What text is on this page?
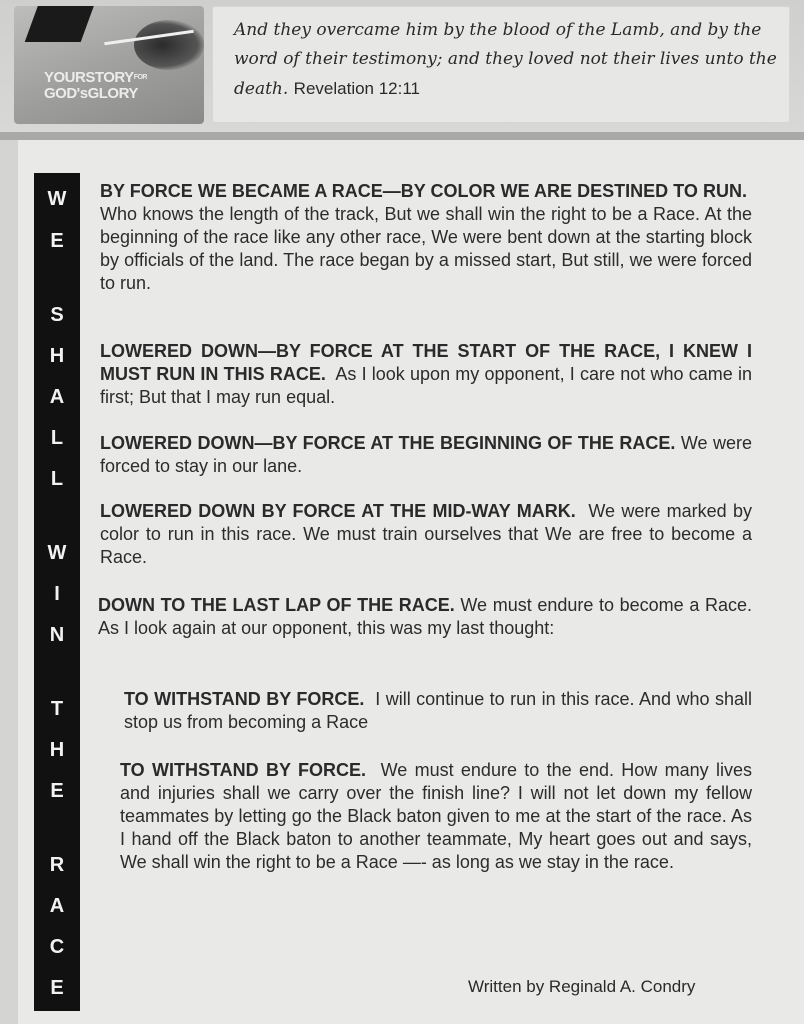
$YOURSTORY^{FOR}$
GOD'sGLORY
And they overcame him by the blood of the Lamb, and by the word of their testimony; and they loved not their lives unto the death. Revelation 12:11
W
E
S
H
A
L
L
W
I
N
T
H
E
R
A
C
E
BY FORCE WE BECAME A RACE—BY COLOR WE ARE DESTINED TO RUN.  Who knows the length of the track, But we shall win the right to be a Race. At the beginning of the race like any other race, We were bent down at the starting block by officials of the land. The race began by a missed start, But still, we were forced to run.
LOWERED DOWN—BY FORCE AT THE START OF THE RACE, I KNEW I MUST RUN IN THIS RACE. As I look upon my opponent, I care not who came in first; But that I may run equal.
LOWERED DOWN—BY FORCE AT THE BEGINNING OF THE RACE. We were forced to stay in our lane.
LOWERED DOWN BY FORCE AT THE MID-WAY MARK. We were marked by color to run in this race. We must train ourselves that We are free to become a Race.
DOWN TO THE LAST LAP OF THE RACE. We must endure to become a Race. As I look again at our opponent, this was my last thought:
TO WITHSTAND BY FORCE. I will continue to run in this race. And who shall stop us from becoming a Race
TO WITHSTAND BY FORCE. We must endure to the end. How many lives and injuries shall we carry over the finish line? I will not let down my fellow teammates by letting go the Black baton given to me at the start of the race. As I hand off the Black baton to another teammate, My heart goes out and says, We shall win the right to be a Race —- as long as we stay in the race.
Written by Reginald A. Condry
